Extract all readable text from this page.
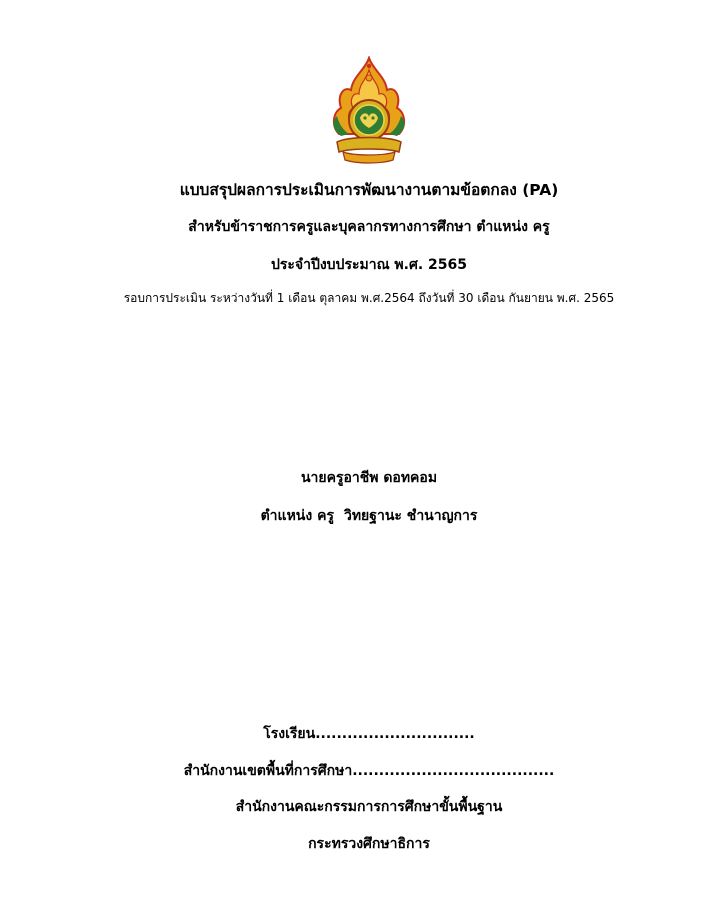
แบบสรุปผลการประเมินการพัฒนางานตามข้อตกลง (PA)
สำหรับข้าราชการครูและบุคลากรทางการศึกษา ตำแหน่ง ครู
ประจำปีงบประมาณ พ.ศ. 2565
รอบการประเมิน ระหว่างวันที่ 1 เดือน ตุลาคม พ.ศ.2564 ถึงวันที่ 30 เดือน กันยายน พ.ศ. 2565
นายครูอาชีพ ดอทคอม
ตำแหน่ง ครู วิทยฐานะ ชำนาญการ
โรงเรียน..............................
สำนักงานเขตพื้นที่การศึกษา......................................
สำนักงานคณะกรรมการการศึกษาขั้นพื้นฐาน
กระทรวงศึกษาธิการ
